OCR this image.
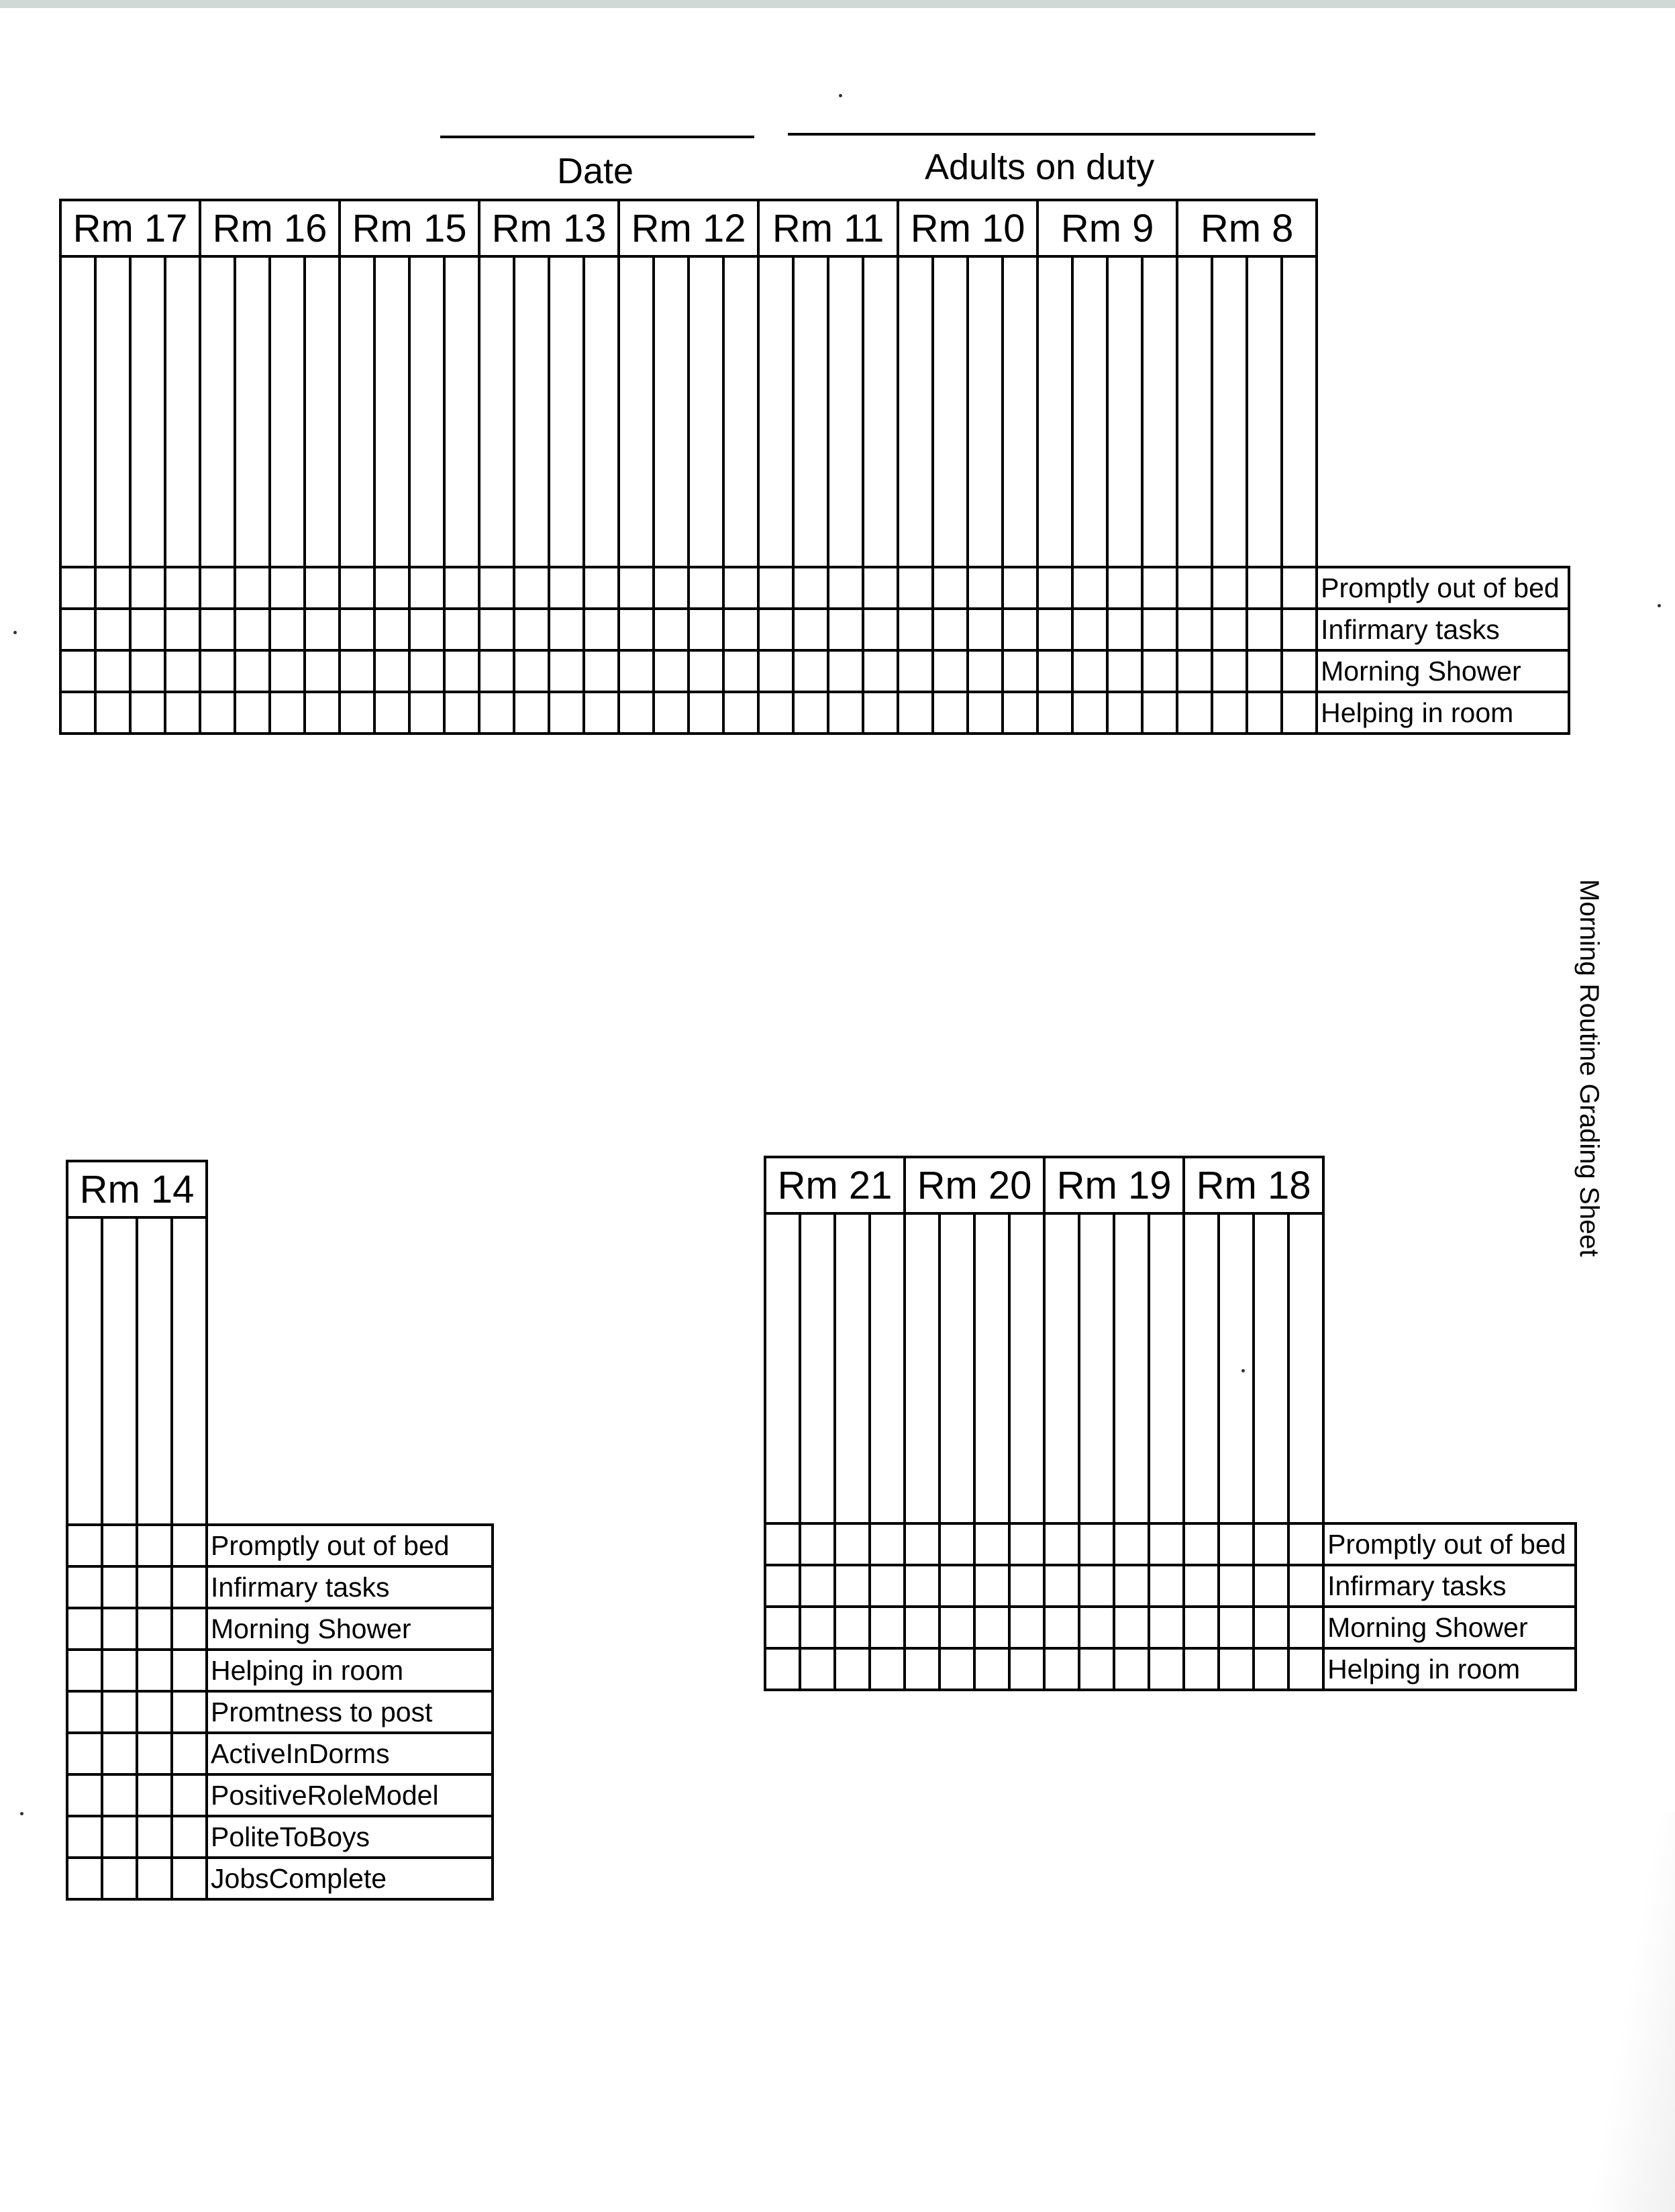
Date	Adults on duty
Rm 17				Rm 16				Rm 15				Rm 13				Rm 12				Rm 11				Rm 10				Rm 9				Rm 8				

																																				Promptly out of bed
																																				Infirmary tasks
																																				Morning Shower
																																				Helping in room
Rm 14				

				Promptly out of bed
				Infirmary tasks
				Morning Shower
				Helping in room
				Promtness to post
				ActiveInDorms
				PositiveRoleModel
				PoliteToBoys
				JobsComplete
Rm 21				Rm 20				Rm 19				Rm 18				

																Promptly out of bed
																Infirmary tasks
																Morning Shower
																Helping in room
Morning Routine Grading Sheet
